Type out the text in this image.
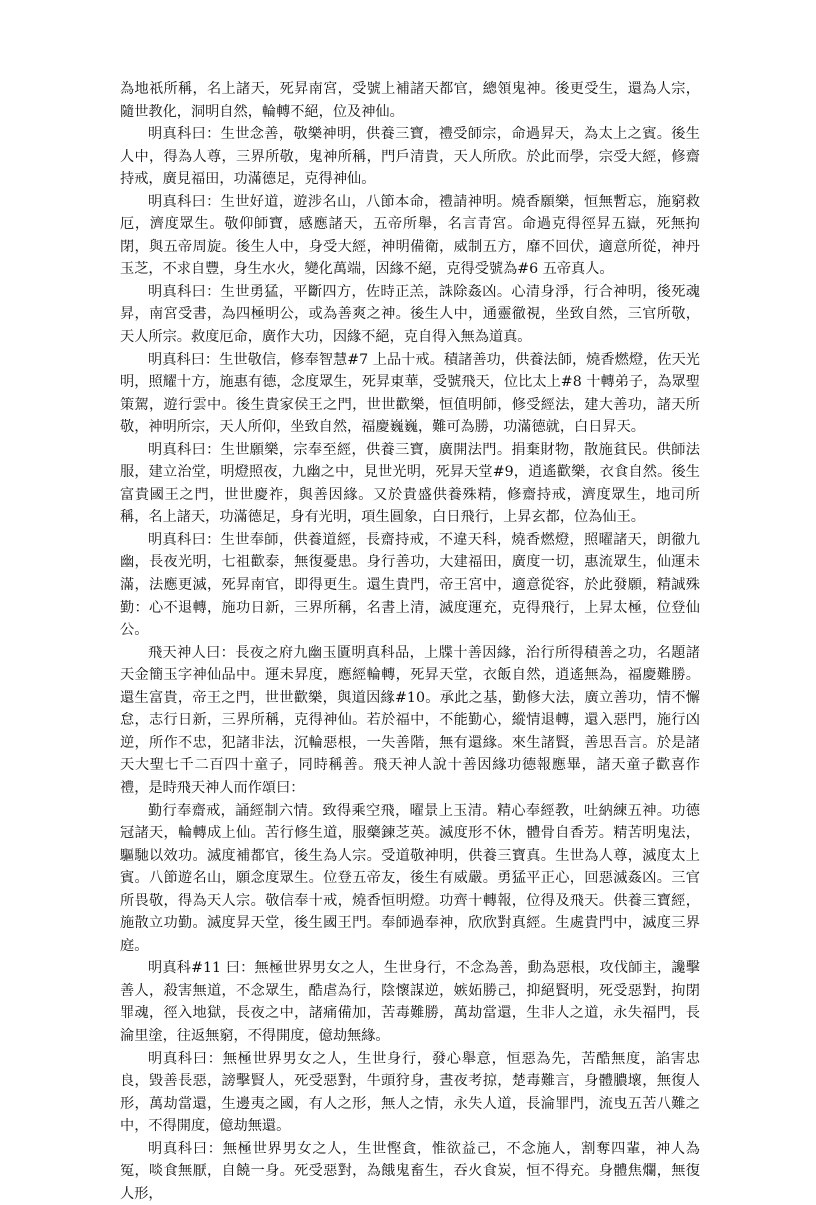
為地祇所稱，名上諸天，死昇南宮，受號上補諸天都官，總領鬼神。後更受生，還為人宗，隨世教化，洞明自然，輪轉不絕，位及神仙。

明真科曰：生世念善，敬樂神明，供養三寶，禮受師宗，命過昇天，為太上之賓。後生人中，得為人尊，三界所敬，鬼神所稱，門戶清貴，天人所欣。於此而學，宗受大經，修齋持戒，廣見福田，功滿德足，克得神仙。

明真科曰：生世好道，遊涉名山，八節本命，禮請神明。燒香願樂，恒無暫忘，施窮救厄，濟度眾生。敬仰師寶，感應諸天，五帝所舉，名言青宮。命過克得徑昇五嶽，死無拘閉，與五帝周旋。後生人中，身受大經，神明備衛，威制五方，靡不回伏，適意所從，神丹玉芝，不求自豐，身生水火，變化萬端，因緣不絕，克得受號為#6 五帝真人。

明真科曰：生世勇猛，平斷四方，佐時正羔，誅除姦凶。心清身淨，行合神明，後死魂昇，南宮受書，為四極明公，或為善爽之神。後生人中，通靈徹視，坐致自然，三官所敬，天人所宗。救度厄命，廣作大功，因緣不絕，克自得入無為道真。

明真科曰：生世敬信，修奉智慧#7 上品十戒。積諸善功，供養法師，燒香燃燈，佐天光明，照耀十方，施惠有德，念度眾生，死昇東華，受號飛天，位比太上#8 十轉弟子，為眾聖策駕，遊行雲中。後生貴家侯王之門，世世歡樂，恒值明師，修受經法，建大善功，諸天所敬，神明所宗，天人所仰，坐致自然，福慶巍巍，難可為勝，功滿德就，白日昇天。

明真科曰：生世願樂，宗奉至經，供養三寶，廣開法門。捐棄財物，散施貧民。供師法服，建立治堂，明燈照夜，九幽之中，見世光明，死昇天堂#9，逍遙歡樂，衣食自然。後生富貴國王之門，世世慶祚，與善因緣。又於貴盛供養殊精，修齋持戒，濟度眾生，地司所稱，名上諸天，功滿德足，身有光明，項生圓象，白日飛行，上昇玄都，位為仙王。

明真科曰：生世奉師，供養道經，長齋持戒，不違天科，燒香燃燈，照曜諸天，朗徹九幽，長夜光明，七祖歡泰，無復憂患。身行善功，大建福田，廣度一切，惠流眾生，仙運未滿，法應更滅，死昇南官，即得更生。還生貴門，帝王宮中，適意從容，於此發願，精誠殊勤：心不退轉，施功日新，三界所稱，名書上清，滅度運充，克得飛行，上昇太極，位登仙公。

飛天神人曰：長夜之府九幽玉匱明真科品，上牒十善因緣，治行所得積善之功，名題諸天金簡玉字神仙品中。運未昇度，應經輪轉，死昇天堂，衣飯自然，逍遙無為，福慶難勝。還生富貴，帝王之門，世世歡樂，與道因緣#10。承此之基，勤修大法，廣立善功，情不懈怠，志行日新，三界所稱，克得神仙。若於福中，不能勤心，縱情退轉，還入惡門，施行凶逆，所作不忠，犯諸非法，沉輪惡根，一失善階，無有還緣。來生諸賢，善思吾言。於是諸天大聖七千二百四十童子，同時稱善。飛天神人說十善因緣功德報應畢，諸天童子歡喜作禮，是時飛天神人而作頌曰：

勤行奉齋戒，誦經制六情。致得乘空飛，曜景上玉清。精心奉經教，吐納練五神。功德冠諸天，輪轉成上仙。苦行修生道，服藥鍊芝英。滅度形不休，體骨自香芳。精苦明鬼法，驅馳以效功。滅度補都官，後生為人宗。受道敬神明，供養三寶真。生世為人尊，滅度太上賓。八節遊名山，願念度眾生。位登五帝友，後生有威嚴。勇猛平正心，回惡滅姦凶。三官所畏敬，得為天人宗。敬信奉十戒，燒香恒明燈。功齊十轉報，位得及飛天。供養三寶經，施散立功勤。滅度昇天堂，後生國王門。奉師過奉神，欣欣對真經。生處貴門中，滅度三界庭。

明真科#11 曰：無極世界男女之人，生世身行，不念為善，動為惡根，攻伐師主，讒擊善人，殺害無道，不念眾生，酷虐為行，陰懷謀逆，嫉妬勝己，抑絕賢明，死受惡對，拘閉罪魂，徑入地獄，長夜之中，諸痛備加，苦毒難勝，萬劫當還，生非人之道，永失福門，長淪里塗，往返無窮，不得開度，億劫無緣。

明真科曰：無極世界男女之人，生世身行，發心舉意，恒惡為先，苦酷無度，諂害忠良，毀善長惡，謗擊賢人，死受惡對，牛頭狩身，晝夜考掠，楚毒難言，身體膿壞，無復人形，萬劫當還，生邊夷之國，有人之形，無人之情，永失人道，長淪罪門，流曳五苦八難之中，不得開度，億劫無還。

明真科曰：無極世界男女之人，生世慳貪，惟欲益己，不念施人，割奪四輩，神人為冤，啖食無厭，自饒一身。死受惡對，為餓鬼畜生，吞火食炭，恒不得充。身體焦爛，無復人形，
